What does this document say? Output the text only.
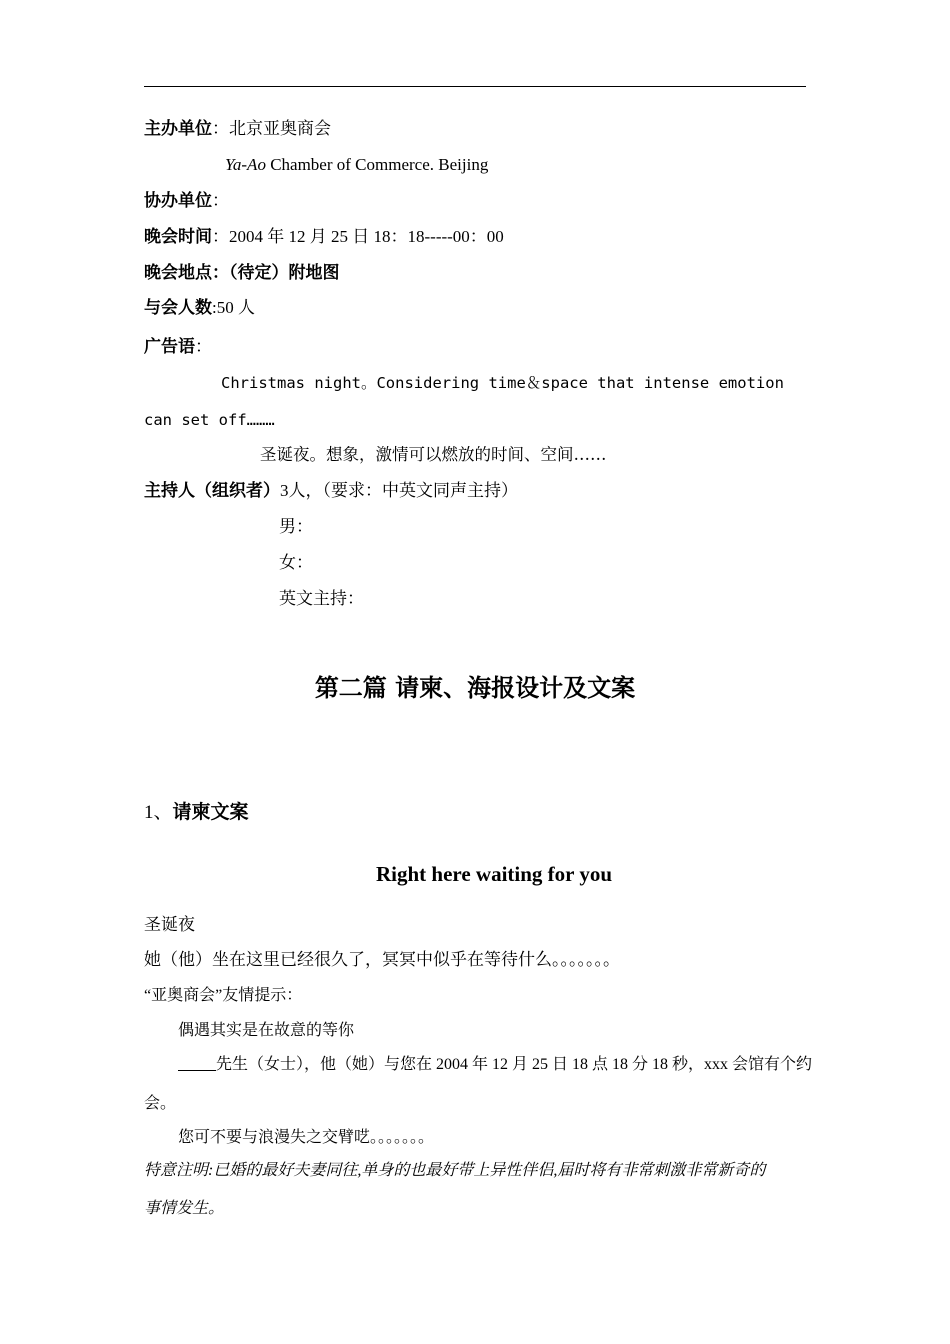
主办单位：北京亚奥商会
Ya-Ao Chamber of Commerce. Beijing
协办单位：
晚会时间：2004 年 12 月 25 日 18：18-----00：00
晚会地点：（待定）附地图
与会人数:50 人
广告语：
Christmas night。Considering time＆space that intense emotion
can set off………
圣诞夜。想象，激情可以燃放的时间、空间……
主持人（组织者）3人，（要求：中英文同声主持）
男：
女：
英文主持：
第二篇 请柬、海报设计及文案
1、请柬文案
Right here waiting for you
圣诞夜
她（他）坐在这里已经很久了，冥冥中似乎在等待什么。。。。。。。
“亚奥商会”友情提示：
偶遇其实是在故意的等你
先生（女士），他（她）与您在 2004 年 12 月 25 日 18 点 18 分 18 秒，xxx 会馆有个约
会。
您可不要与浪漫失之交臂呓。。。。。。。
特意注明:已婚的最好夫妻同往,单身的也最好带上异性伴侣,届时将有非常刺激非常新奇的
事情发生。
